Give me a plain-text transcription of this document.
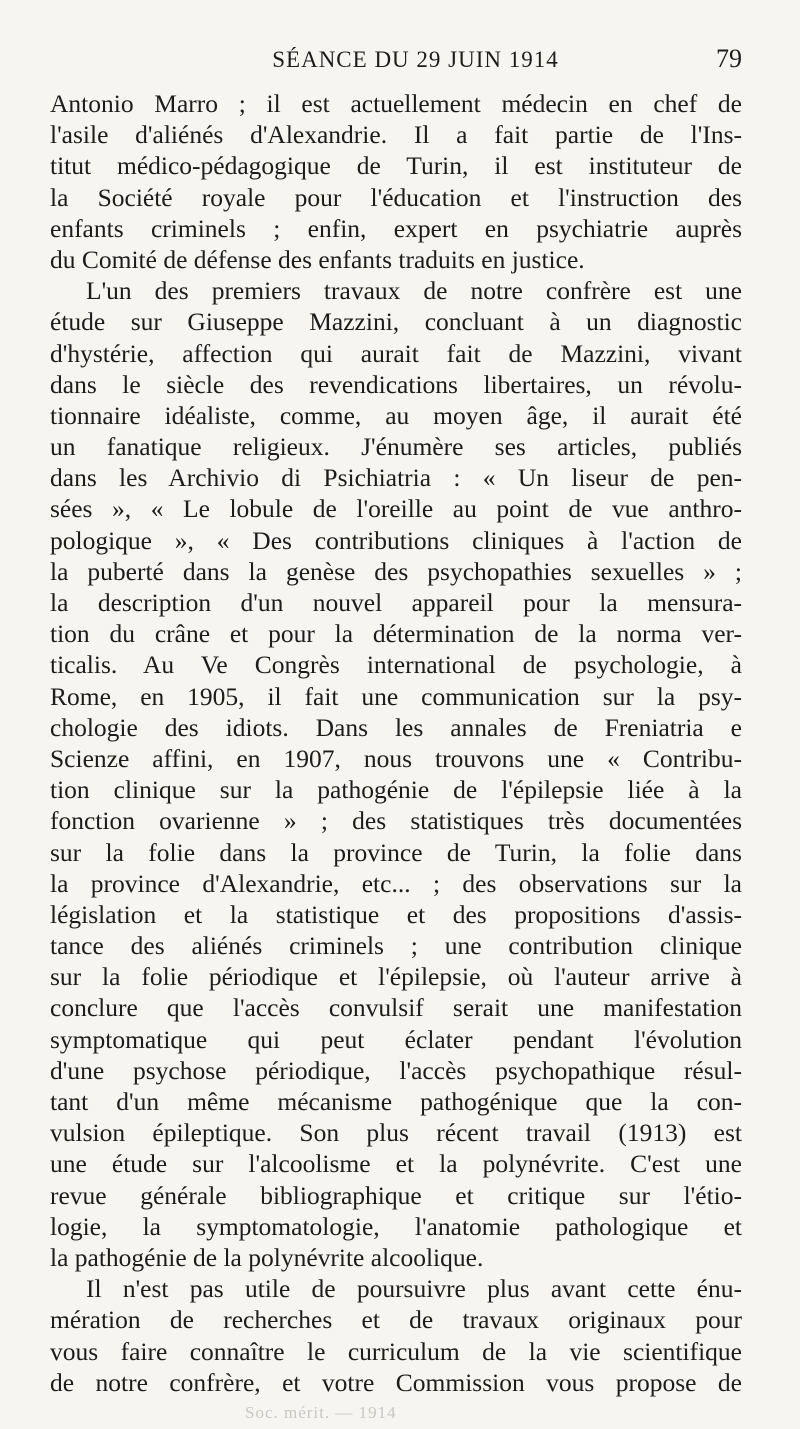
SÉANCE DU 29 JUIN 1914	79
Antonio Marro ; il est actuellement médecin en chef de
l'asile d'aliénés d'Alexandrie. Il a fait partie de l'Ins-
titut médico-pédagogique de Turin, il est instituteur de
la Société royale pour l'éducation et l'instruction des
enfants criminels ; enfin, expert en psychiatrie auprès
du Comité de défense des enfants traduits en justice.
L'un des premiers travaux de notre confrère est une
étude sur Giuseppe Mazzini, concluant à un diagnostic
d'hystérie, affection qui aurait fait de Mazzini, vivant
dans le siècle des revendications libertaires, un révolu-
tionnaire idéaliste, comme, au moyen âge, il aurait été
un fanatique religieux. J'énumère ses articles, publiés
dans les Archivio di Psichiatria : « Un liseur de pen-
sées », « Le lobule de l'oreille au point de vue anthro-
pologique », « Des contributions cliniques à l'action de
la puberté dans la genèse des psychopathies sexuelles » ;
la description d'un nouvel appareil pour la mensura-
tion du crâne et pour la détermination de la norma ver-
ticalis. Au Ve Congrès international de psychologie, à
Rome, en 1905, il fait une communication sur la psy-
chologie des idiots. Dans les annales de Freniatria e
Scienze affini, en 1907, nous trouvons une « Contribu-
tion clinique sur la pathogénie de l'épilepsie liée à la
fonction ovarienne » ; des statistiques très documentées
sur la folie dans la province de Turin, la folie dans
la province d'Alexandrie, etc... ; des observations sur la
législation et la statistique et des propositions d'assis-
tance des aliénés criminels ; une contribution clinique
sur la folie périodique et l'épilepsie, où l'auteur arrive à
conclure que l'accès convulsif serait une manifestation
symptomatique qui peut éclater pendant l'évolution
d'une psychose périodique, l'accès psychopathique résul-
tant d'un même mécanisme pathogénique que la con-
vulsion épileptique. Son plus récent travail (1913) est
une étude sur l'alcoolisme et la polynévrite. C'est une
revue générale bibliographique et critique sur l'étio-
logie, la symptomatologie, l'anatomie pathologique et
la pathogénie de la polynévrite alcoolique.
Il n'est pas utile de poursuivre plus avant cette énu-
mération de recherches et de travaux originaux pour
vous faire connaître le curriculum de la vie scientifique
de notre confrère, et votre Commission vous propose de
Soc. mérit. — 1914
